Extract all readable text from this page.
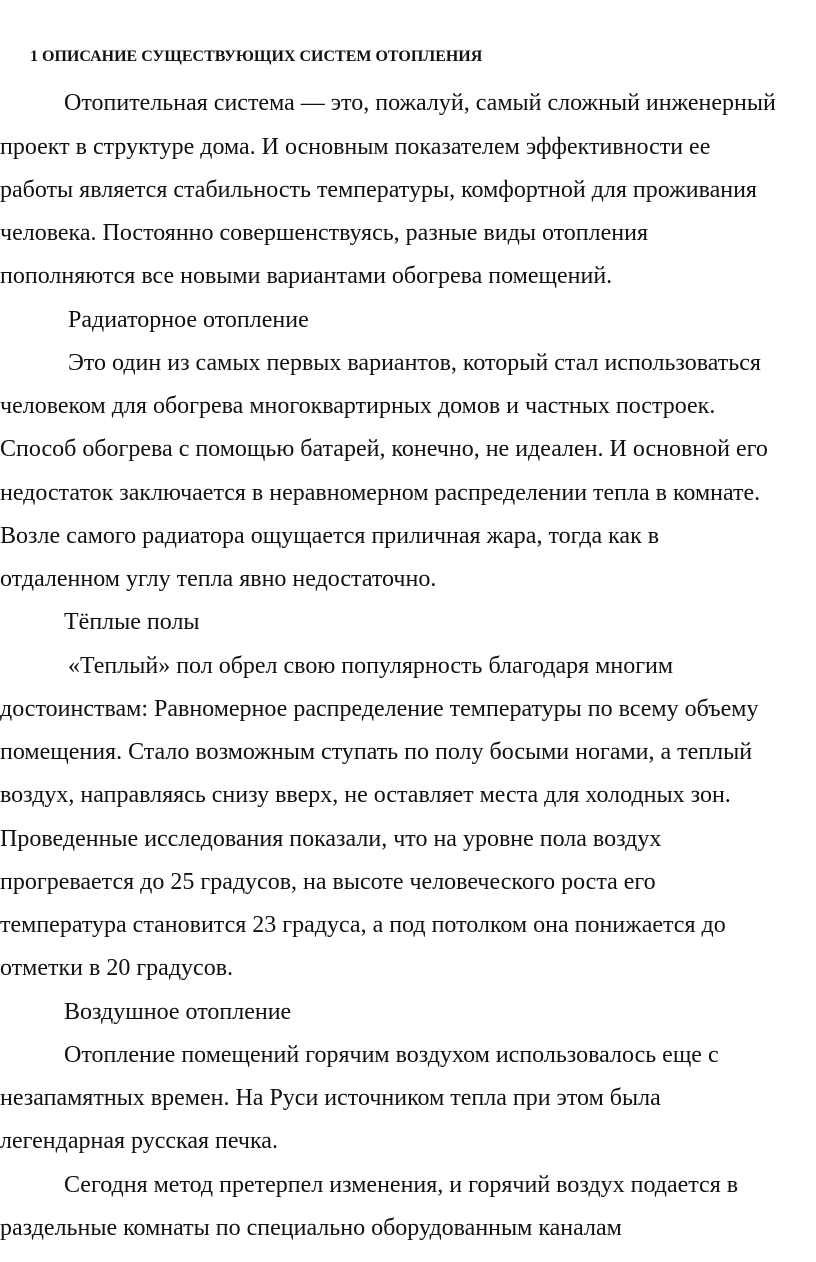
1 ОПИСАНИЕ СУЩЕСТВУЮЩИХ СИСТЕМ ОТОПЛЕНИЯ

Отопительная система — это, пожалуй, самый сложный инженерный

проект в структуре дома. И основным показателем эффективности ее

работы является стабильность температуры, комфортной для проживания

человека. Постоянно совершенствуясь, разные виды отопления

пополняются все новыми вариантами обогрева помещений.

Радиаторное отопление

Это один из самых первых вариантов, который стал использоваться

человеком для обогрева многоквартирных домов и частных построек.

Способ обогрева с помощью батарей, конечно, не идеален. И основной его

недостаток заключается в неравномерном распределении тепла в комнате.

Возле самого радиатора ощущается приличная жара, тогда как в

отдаленном углу тепла явно недостаточно.

Тёплые полы

«Теплый» пол обрел свою популярность благодаря многим

достоинствам: Равномерное распределение температуры по всему объему

помещения. Стало возможным ступать по полу босыми ногами, а теплый

воздух, направляясь снизу вверх, не оставляет места для холодных зон.

Проведенные исследования показали, что на уровне пола воздух

прогревается до 25 градусов, на высоте человеческого роста его

температура становится 23 градуса, а под потолком она понижается до

отметки в 20 градусов.

Воздушное отопление

Отопление помещений горячим воздухом использовалось еще с

незапамятных времен. На Руси источником тепла при этом была

легендарная русская печка.

Сегодня метод претерпел изменения, и горячий воздух подается в

раздельные комнаты по специально оборудованным каналам
